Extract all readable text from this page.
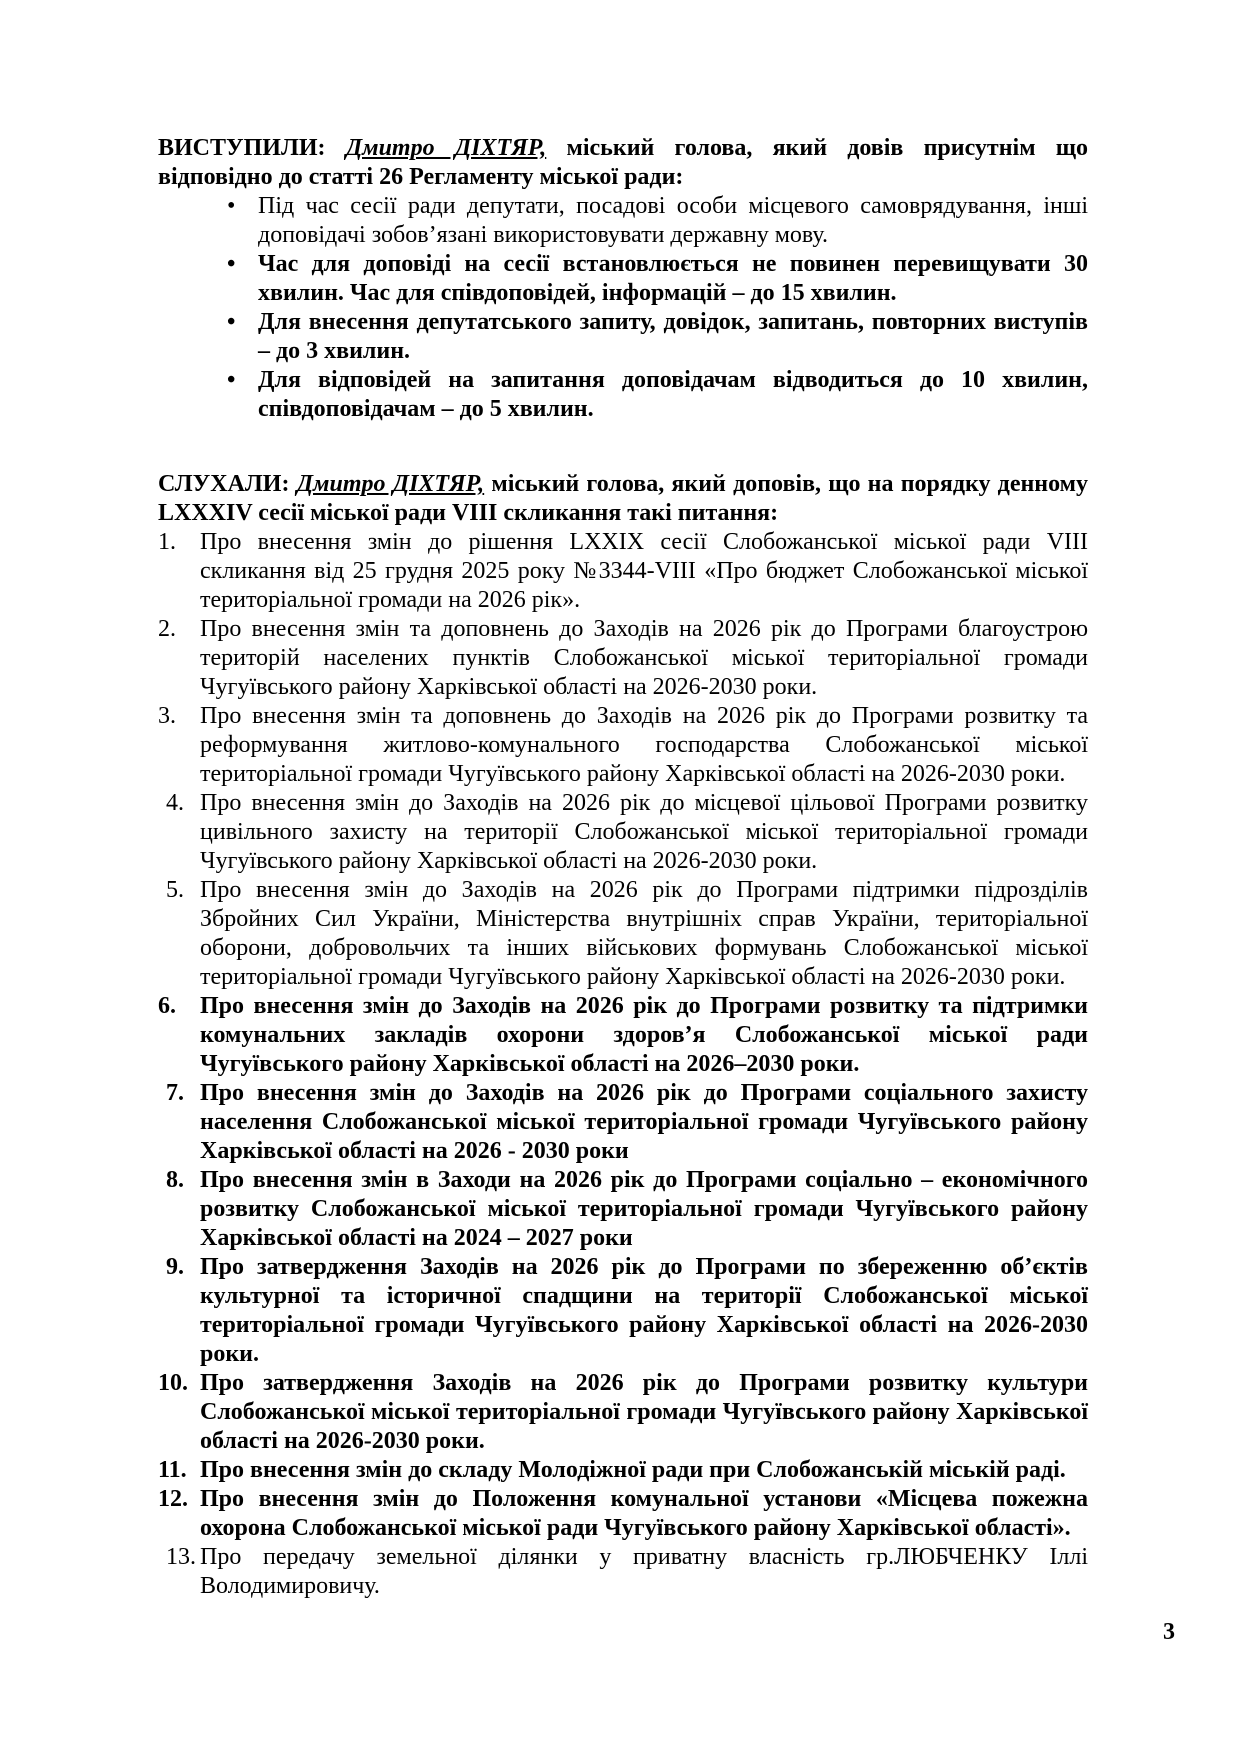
ВИСТУПИЛИ: Дмитро ДІХТЯР, міський голова, який довів присутнім що відповідно до статті 26 Регламенту міської ради:

• Під час сесії ради депутати, посадові особи місцевого самоврядування, інші доповідачі зобов’язані використовувати державну мову.
• Час для доповіді на сесії встановлюється не повинен перевищувати 30 хвилин. Час для співдоповідей, інформацій – до 15 хвилин.
• Для внесення депутатського запиту, довідок, запитань, повторних виступів – до 3 хвилин.
• Для відповідей на запитання доповідачам відводиться до 10 хвилин, співдоповідачам – до 5 хвилин.

СЛУХАЛИ: Дмитро ДІХТЯР, міський голова, який доповів, що на порядку денному LXXXIV сесії міської ради VIII скликання такі питання:

1.	Про внесення змін до рішення LXXIX сесії Слобожанської міської ради VIII скликання від 25 грудня 2025 року №3344-VIII «Про бюджет Слобожанської міської територіальної громади на 2026 рік».
2.	Про внесення змін та доповнень до Заходів на 2026 рік до Програми благоустрою територій населених пунктів Слобожанської міської територіальної громади Чугуївського району Харківської області на 2026-2030 роки.
3.	Про внесення змін та доповнень до Заходів на 2026 рік до Програми розвитку та реформування житлово-комунального господарства Слобожанської міської територіальної громади Чугуївського району Харківської області на 2026-2030 роки.
4. Про внесення змін до Заходів на 2026 рік до місцевої цільової Програми розвитку цивільного захисту на території Слобожанської міської територіальної громади Чугуївського району Харківської області на 2026-2030 роки.
5. Про внесення змін до Заходів на 2026 рік до Програми підтримки підрозділів Збройних Сил України, Міністерства внутрішніх справ України, територіальної оборони, добровольчих та інших військових формувань Слобожанської міської територіальної громади Чугуївського району Харківської області на 2026-2030 роки.
6.	Про внесення змін до Заходів на 2026 рік до Програми розвитку та підтримки комунальних закладів охорони здоров’я Слобожанської міської ради Чугуївського району Харківської області на 2026–2030 роки.
7. Про внесення змін до Заходів на 2026 рік до Програми соціального захисту населення Слобожанської міської територіальної громади Чугуївського району Харківської області на 2026 - 2030 роки
8. Про внесення змін в Заходи на 2026 рік до Програми соціально – економічного розвитку Слобожанської міської територіальної громади Чугуївського району Харківської області на 2024 – 2027 роки
9. Про затвердження Заходів на 2026 рік до Програми по збереженню об’єктів культурної та історичної спадщини на території Слобожанської міської територіальної громади Чугуївського району Харківської області на 2026-2030 роки.
10. Про затвердження Заходів на 2026 рік до Програми розвитку культури Слобожанської міської територіальної громади Чугуївського району Харківської області на 2026-2030 роки.
11. Про внесення змін до складу Молодіжної ради при Слобожанській міській раді.
12. Про внесення змін до Положення комунальної установи «Місцева пожежна охорона Слобожанської міської ради Чугуївського району Харківської області».
13. Про передачу земельної ділянки у приватну власність гр.ЛЮБЧЕНКУ Іллі Володимировичу.
3
